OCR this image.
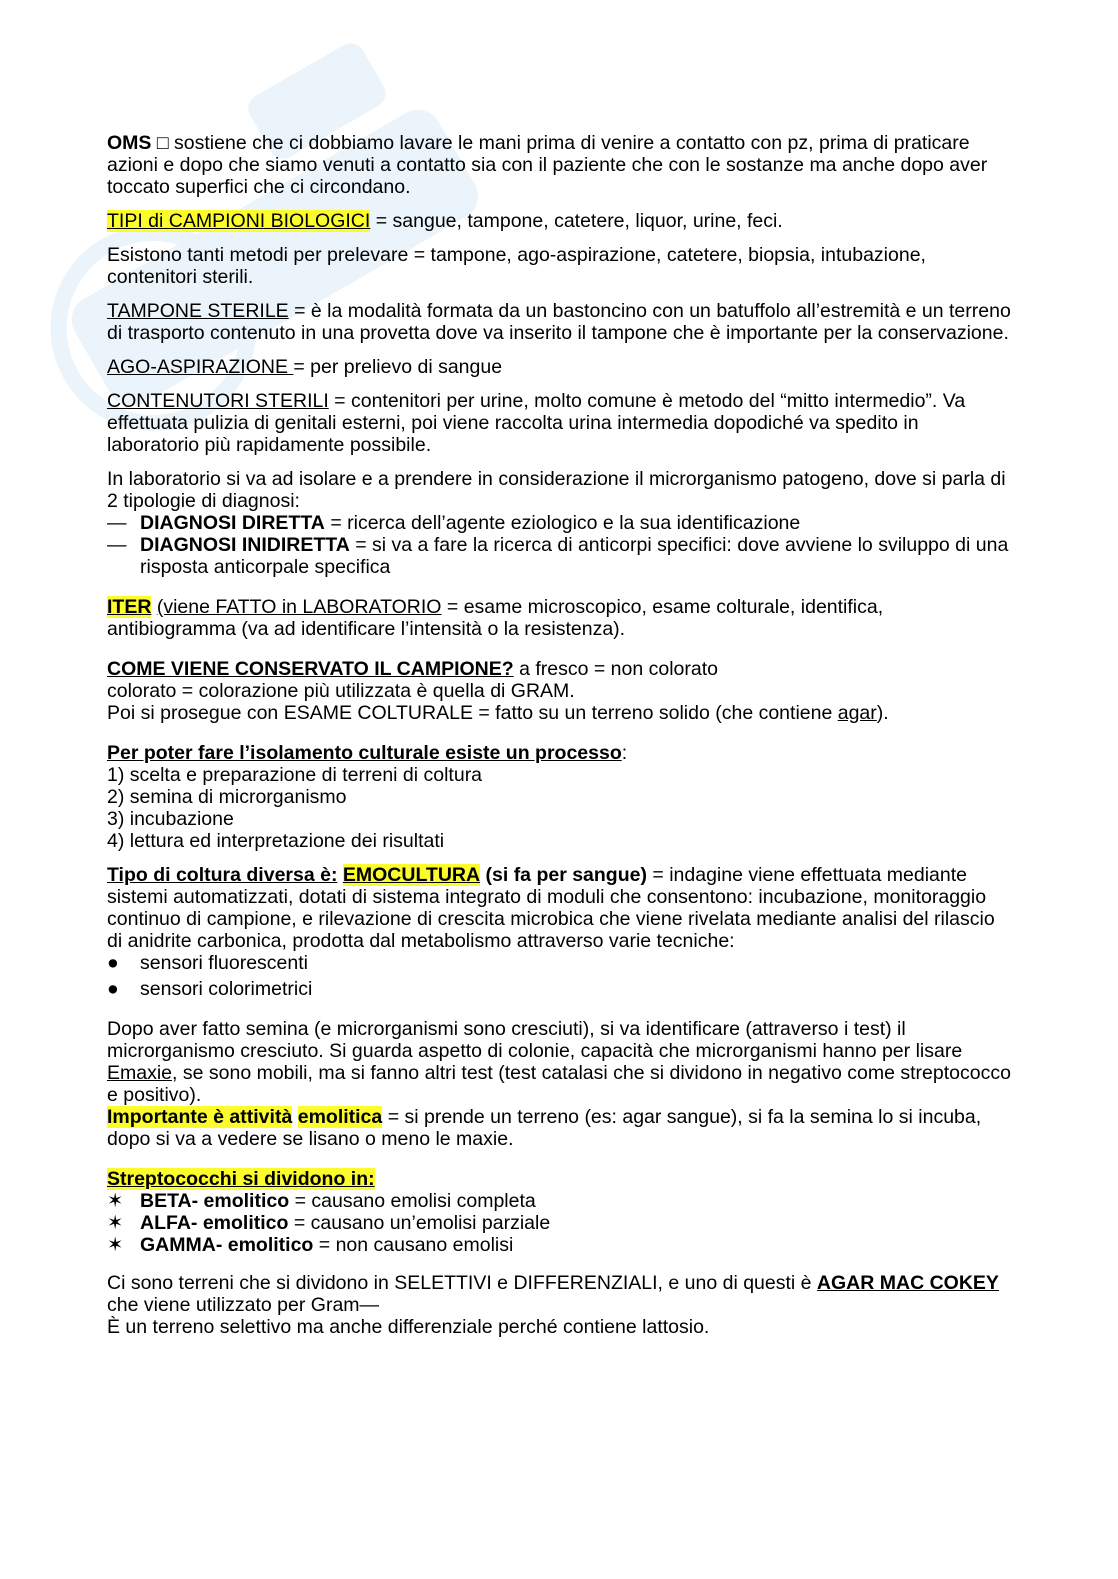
OMS □ sostiene che ci dobbiamo lavare le mani prima di venire a contatto con pz, prima di praticare azioni e dopo che siamo venuti a contatto sia con il paziente che con le sostanze ma anche dopo aver toccato superfici che ci circondano.

TIPI di CAMPIONI BIOLOGICI = sangue, tampone, catetere, liquor, urine, feci.

Esistono tanti metodi per prelevare = tampone, ago-aspirazione, catetere, biopsia, intubazione, contenitori sterili.

TAMPONE STERILE = è la modalità formata da un bastoncino con un batuffolo all’estremità e un terreno di trasporto contenuto in una provetta dove va inserito il tampone che è importante per la conservazione.

AGO-ASPIRAZIONE = per prelievo di sangue

CONTENUTORI STERILI = contenitori per urine, molto comune è metodo del “mitto intermedio”. Va effettuata pulizia di genitali esterni, poi viene raccolta urina intermedia dopodiché va spedito in laboratorio più rapidamente possibile.

In laboratorio si va ad isolare e a prendere in considerazione il microrganismo patogeno, dove si parla di 2 tipologie di diagnosi:

— DIAGNOSI DIRETTA = ricerca dell’agente eziologico e la sua identificazione
— DIAGNOSI INIDIRETTA = si va a fare la ricerca di anticorpi specifici: dove avviene lo sviluppo di una risposta anticorpale specifica

ITER (viene FATTO in LABORATORIO = esame microscopico, esame colturale, identifica, antibiogramma (va ad identificare l’intensità o la resistenza).

COME VIENE CONSERVATO IL CAMPIONE? a fresco = non colorato

colorato = colorazione più utilizzata è quella di GRAM.

Poi si prosegue con ESAME COLTURALE = fatto su un terreno solido (che contiene agar).

Per poter fare l’isolamento culturale esiste un processo:

1) scelta e preparazione di terreni di coltura

2) semina di microrganismo

3) incubazione

4) lettura ed interpretazione dei risultati

Tipo di coltura diversa è: EMOCULTURA (si fa per sangue) = indagine viene effettuata mediante sistemi automatizzati, dotati di sistema integrato di moduli che consentono: incubazione, monitoraggio continuo di campione, e rilevazione di crescita microbica che viene rivelata mediante analisi del rilascio di anidrite carbonica, prodotta dal metabolismo attraverso varie tecniche:

● sensori fluorescenti
● sensori colorimetrici

Dopo aver fatto semina (e microrganismi sono cresciuti), si va identificare (attraverso i test) il microrganismo cresciuto. Si guarda aspetto di colonie, capacità che microrganismi hanno per lisare Emaxie, se sono mobili, ma si fanno altri test (test catalasi che si dividono in negativo come streptococco e positivo).

Importante è attività emolitica = si prende un terreno (es: agar sangue), si fa la semina lo si incuba, dopo si va a vedere se lisano o meno le maxie.

Streptococchi si dividono in:

✶ BETA- emolitico = causano emolisi completa
✶ ALFA- emolitico = causano un’emolisi parziale
✶ GAMMA- emolitico = non causano emolisi

Ci sono terreni che si dividono in SELETTIVI e DIFFERENZIALI, e uno di questi è AGAR MAC COKEY che viene utilizzato per Gram—

È un terreno selettivo ma anche differenziale perché contiene lattosio.
